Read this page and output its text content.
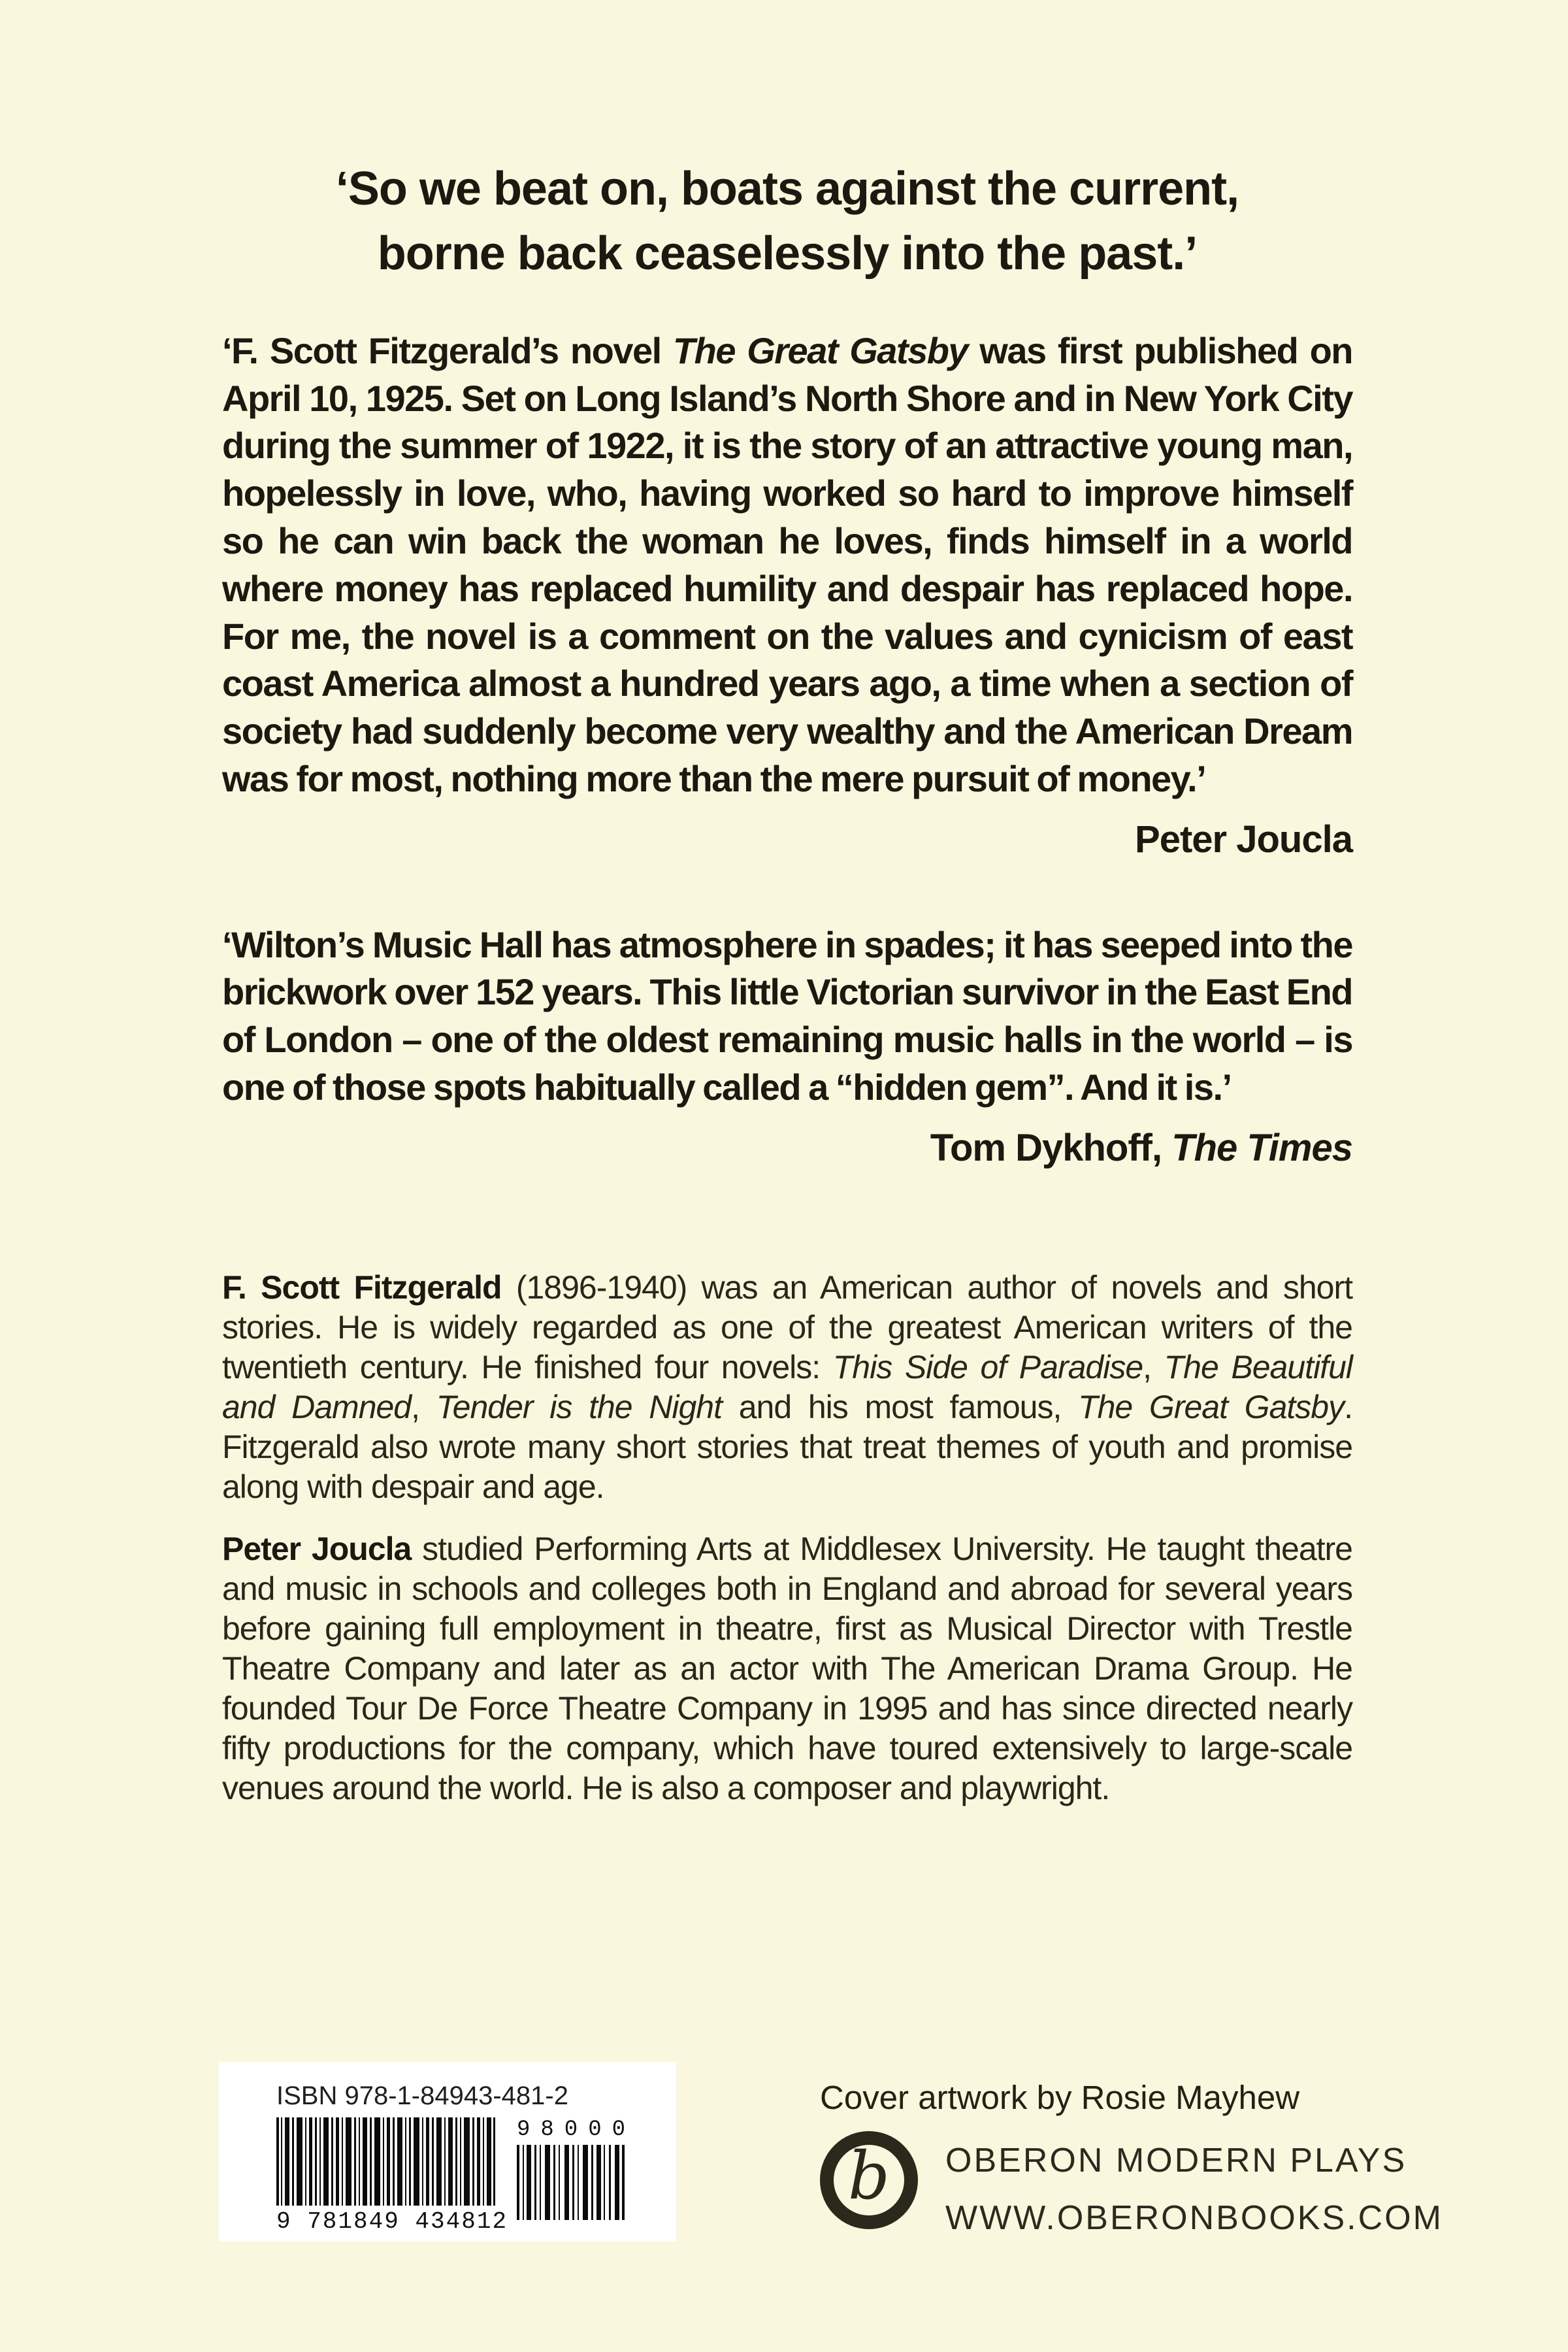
‘So we beat on, boats against the current,
borne back ceaselessly into the past.’

‘F. Scott Fitzgerald’s novel The Great Gatsby was first published on April 10, 1925. Set on Long Island’s North Shore and in New York City during the summer of 1922, it is the story of an attractive young man, hopelessly in love, who, having worked so hard to improve himself so he can win back the woman he loves, finds himself in a world where money has replaced humility and despair has replaced hope. For me, the novel is a comment on the values and cynicism of east coast America almost a hundred years ago, a time when a section of society had suddenly become very wealthy and the American Dream was for most, nothing more than the mere pursuit of money.’

Peter Joucla

‘Wilton’s Music Hall has atmosphere in spades; it has seeped into the brickwork over 152 years. This little Victorian survivor in the East End of London – one of the oldest remaining music halls in the world – is one of those spots habitually called a “hidden gem”. And it is.’

Tom Dykhoff, The Times

F. Scott Fitzgerald (1896-1940) was an American author of novels and short stories. He is widely regarded as one of the greatest American writers of the twentieth century. He finished four novels: This Side of Paradise, The Beautiful and Damned, Tender is the Night and his most famous, The Great Gatsby. Fitzgerald also wrote many short stories that treat themes of youth and promise along with despair and age.

Peter Joucla studied Performing Arts at Middlesex University. He taught theatre and music in schools and colleges both in England and abroad for several years before gaining full employment in theatre, first as Musical Director with Trestle Theatre Company and later as an actor with The American Drama Group. He founded Tour De Force Theatre Company in 1995 and has since directed nearly fifty productions for the company, which have toured extensively to large-scale venues around the world. He is also a composer and playwright.

ISBN 978-1-84943-481-2
9 781849 434812
98000
Cover artwork by Rosie Mayhew
b OBERON MODERN PLAYS
WWW.OBERONBOOKS.COM
